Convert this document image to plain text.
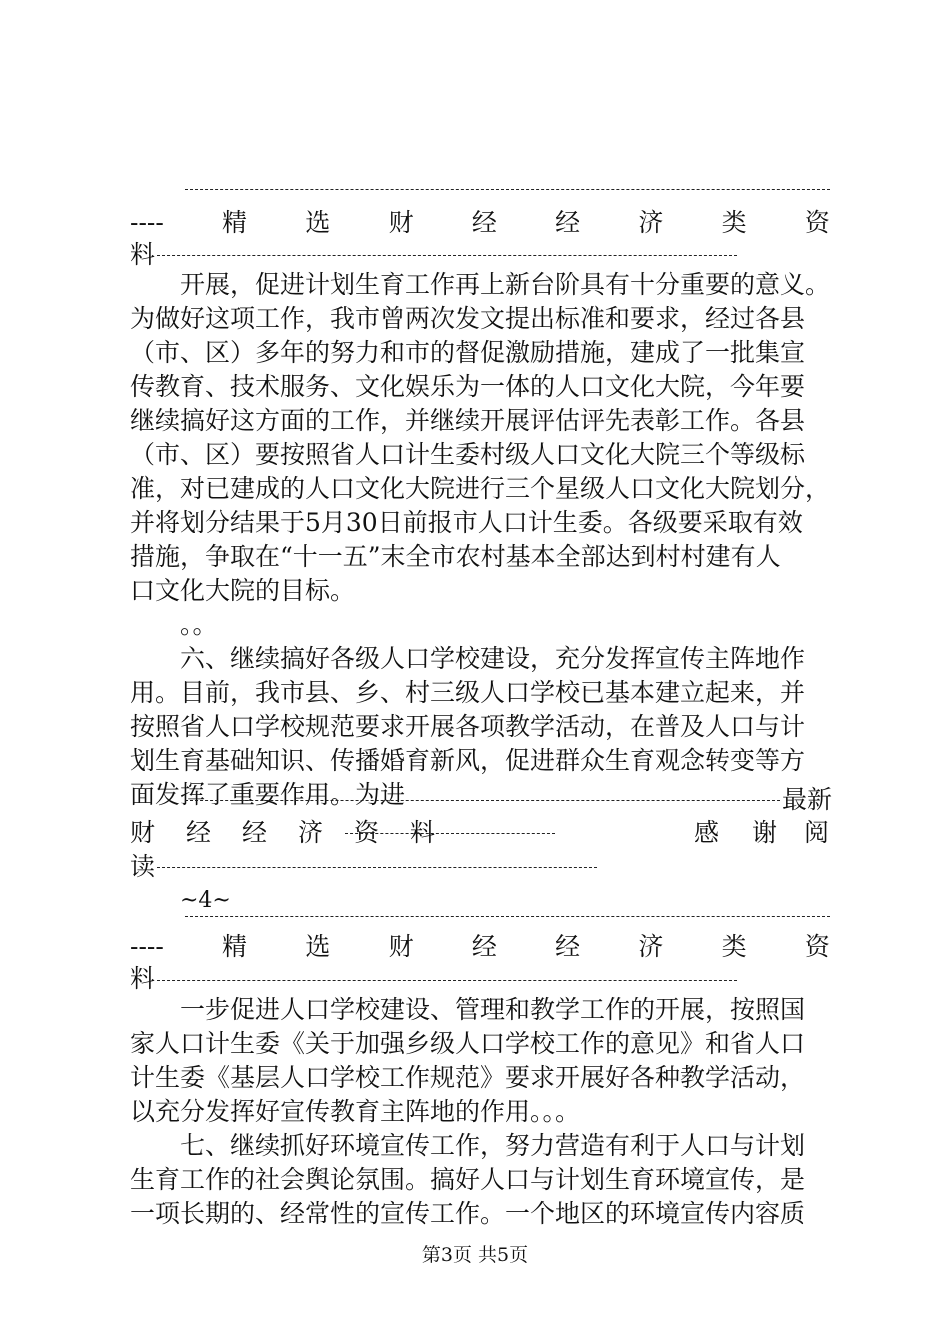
---- 精 选 财 经 经 济 类 资
料
开展，促进计划生育工作再上新台阶具有十分重要的意义。
为做好这项工作，我市曾两次发文提出标准和要求，经过各县
（市、区）多年的努力和市的督促激励措施，建成了一批集宣
传教育、技术服务、文化娱乐为一体的人口文化大院，今年要
继续搞好这方面的工作，并继续开展评估评先表彰工作。各县
（市、区）要按照省人口计生委村级人口文化大院三个等级标
准，对已建成的人口文化大院进行三个星级人口文化大院划分，
并将划分结果于5月30日前报市人口计生委。各级要采取有效
措施，争取在“十一五”末全市农村基本全部达到村村建有人
口文化大院的目标。
。。
六、继续搞好各级人口学校建设，充分发挥宣传主阵地作
用。目前，我市县、乡、村三级人口学校已基本建立起来，并
按照省人口学校规范要求开展各项教学活动，在普及人口与计
划生育基础知识、传播婚育新风，促进群众生育观念转变等方
面发挥了重要作用。为进	最新
财 经 经 济 资 料	感 谢 阅
读
~4~
---- 精 选 财 经 经 济 类 资
料
一步促进人口学校建设、管理和教学工作的开展，按照国
家人口计生委《关于加强乡级人口学校工作的意见》和省人口
计生委《基层人口学校工作规范》要求开展好各种教学活动，
以充分发挥好宣传教育主阵地的作用。。。
七、继续抓好环境宣传工作，努力营造有利于人口与计划
生育工作的社会舆论氛围。搞好人口与计划生育环境宣传，是
一项长期的、经常性的宣传工作。一个地区的环境宣传内容质
第3页 共5页
